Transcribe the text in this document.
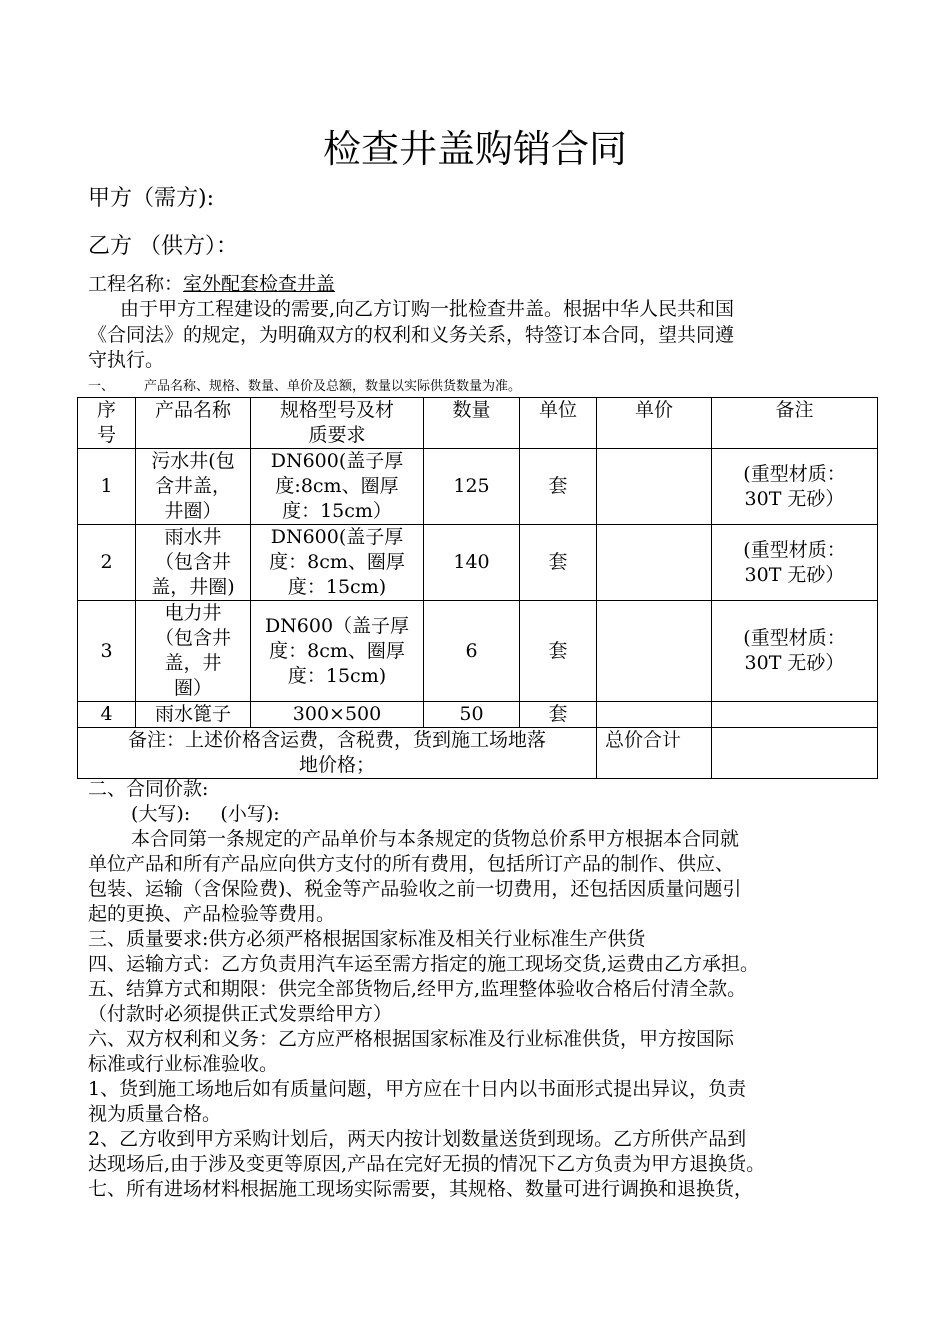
检查井盖购销合同
甲方（需方):
乙方 （供方）：
工程名称：室外配套检查井盖
由于甲方工程建设的需要,向乙方订购一批检查井盖。根据中华人民共和国
《合同法》的规定，为明确双方的权利和义务关系，特签订本合同，望共同遵
守执行。
一、 产品名称、规格、数量、单价及总额，数量以实际供货数量为准。
序
号	产品名称	规格型号及材
质要求	数量	单位	单价	备注
1	污水井(包
含井盖，
井圈）	DN600(盖子厚
度:8cm、圈厚
度：15cm）	125	套		(重型材质：
30T 无砂）
2	雨水井
（包含井
盖，井圈)	DN600(盖子厚
度：8cm、圈厚
度：15cm)	140	套		(重型材质：
30T 无砂）
3	电力井
（包含井
盖，井
圈）	DN600（盖子厚
度：8cm、圈厚
度：15cm)	6	套		(重型材质：
30T 无砂）
4	雨水篦子	300×500	50	套		
备注：上述价格含运费，含税费，货到施工场地落
地价格；					总价合计	
二、合同价款:
(大写):     (小写):
本合同第一条规定的产品单价与本条规定的货物总价系甲方根据本合同就
单位产品和所有产品应向供方支付的所有费用，包括所订产品的制作、供应、
包装、运输（含保险费)、税金等产品验收之前一切费用，还包括因质量问题引
起的更换、产品检验等费用。
三、质量要求:供方必须严格根据国家标准及相关行业标准生产供货
四、运输方式：乙方负责用汽车运至需方指定的施工现场交货,运费由乙方承担。
五、结算方式和期限：供完全部货物后,经甲方,监理整体验收合格后付清全款。
（付款时必须提供正式发票给甲方）
六、双方权利和义务：乙方应严格根据国家标准及行业标准供货，甲方按国际
标准或行业标准验收。
1、货到施工场地后如有质量问题，甲方应在十日内以书面形式提出异议，负责
视为质量合格。
2、乙方收到甲方采购计划后，两天内按计划数量送货到现场。乙方所供产品到
达现场后,由于涉及变更等原因,产品在完好无损的情况下乙方负责为甲方退换货。
七、所有进场材料根据施工现场实际需要，其规格、数量可进行调换和退换货，
